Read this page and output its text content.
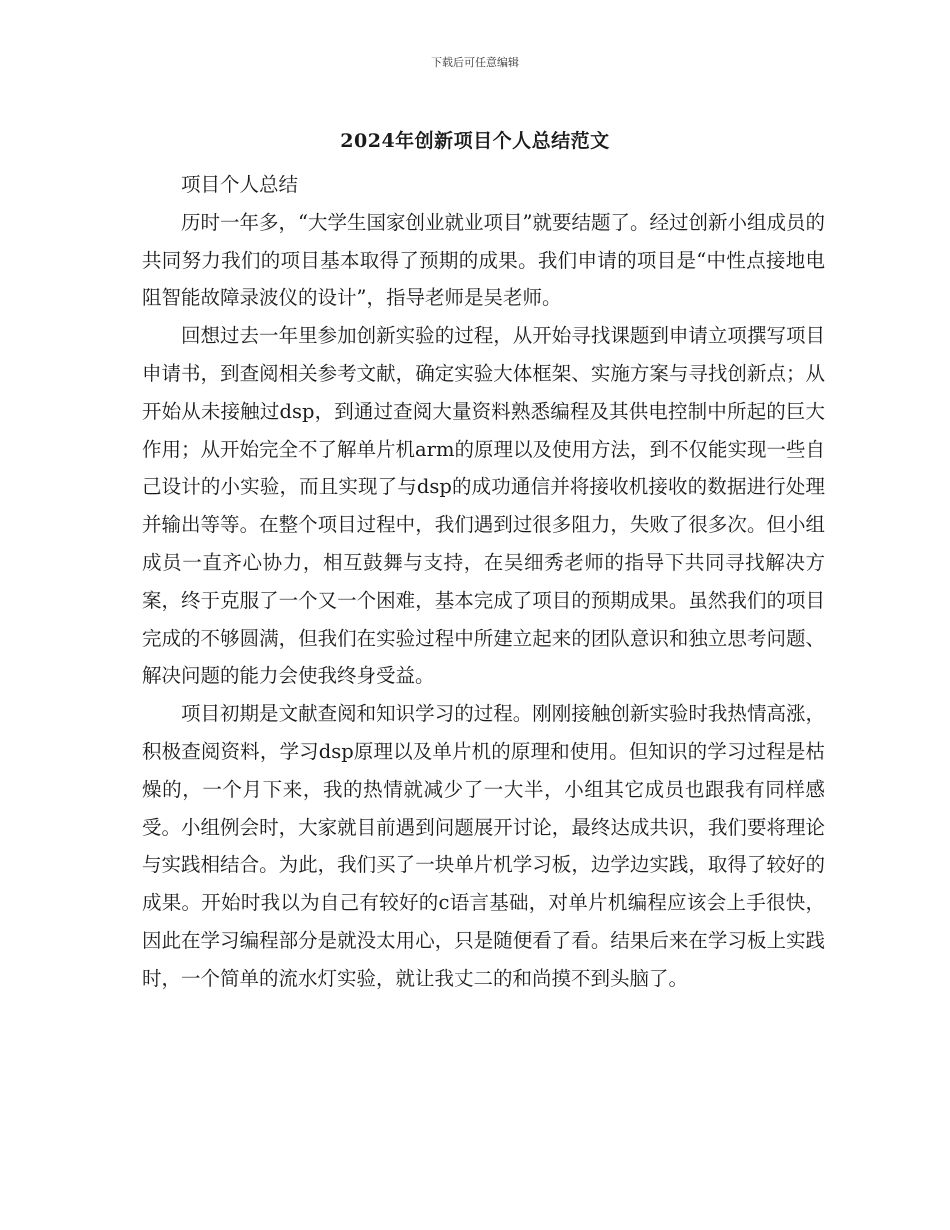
下载后可任意编辑
2024年创新项目个人总结范文

项目个人总结

历时一年多，“大学生国家创业就业项目”就要结题了。经过创新小组成员的共同努力我们的项目基本取得了预期的成果。我们申请的项目是“中性点接地电阻智能故障录波仪的设计”，指导老师是吴老师。

回想过去一年里参加创新实验的过程，从开始寻找课题到申请立项撰写项目申请书，到查阅相关参考文献，确定实验大体框架、实施方案与寻找创新点；从开始从未接触过dsp，到通过查阅大量资料熟悉编程及其供电控制中所起的巨大作用；从开始完全不了解单片机arm的原理以及使用方法，到不仅能实现一些自己设计的小实验，而且实现了与dsp的成功通信并将接收机接收的数据进行处理并输出等等。在整个项目过程中，我们遇到过很多阻力，失败了很多次。但小组成员一直齐心协力，相互鼓舞与支持，在吴细秀老师的指导下共同寻找解决方案，终于克服了一个又一个困难，基本完成了项目的预期成果。虽然我们的项目完成的不够圆满，但我们在实验过程中所建立起来的团队意识和独立思考问题、解决问题的能力会使我终身受益。

项目初期是文献查阅和知识学习的过程。刚刚接触创新实验时我热情高涨，积极查阅资料，学习dsp原理以及单片机的原理和使用。但知识的学习过程是枯燥的，一个月下来，我的热情就减少了一大半，小组其它成员也跟我有同样感受。小组例会时，大家就目前遇到问题展开讨论，最终达成共识，我们要将理论与实践相结合。为此，我们买了一块单片机学习板，边学边实践，取得了较好的成果。开始时我以为自己有较好的c语言基础，对单片机编程应该会上手很快，因此在学习编程部分是就没太用心，只是随便看了看。结果后来在学习板上实践时，一个简单的流水灯实验，就让我丈二的和尚摸不到头脑了。
